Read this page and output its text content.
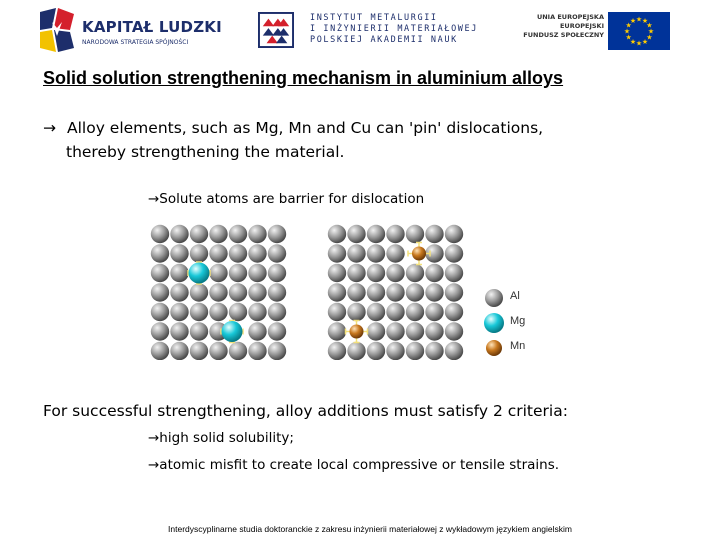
KAPITAŁ LUDZKI
NARODOWA STRATEGIA SPÓJNOŚCI
INSTYTUT METALURGII
I INŻYNIERII MATERIAŁOWEJ
POLSKIEJ AKADEMII NAUK
UNIA EUROPEJSKA
EUROPEJSKI
FUNDUSZ SPOŁECZNY	★
★
★
★
★
★
★
★
★ ★ ★
★
Solid solution strengthening mechanism in aluminium alloys
→ Alloy elements, such as Mg, Mn and Cu can 'pin' dislocations,
thereby strengthening the material.
→Solute atoms are barrier for dislocation
Al
Mg
Mn
For successful strengthening, alloy additions must satisfy 2 criteria:
→high solid solubility;
→atomic misfit to create local compressive or tensile strains.
Interdyscyplinarne studia doktoranckie z zakresu inżynierii materiałowej z wykładowym językiem angielskim
